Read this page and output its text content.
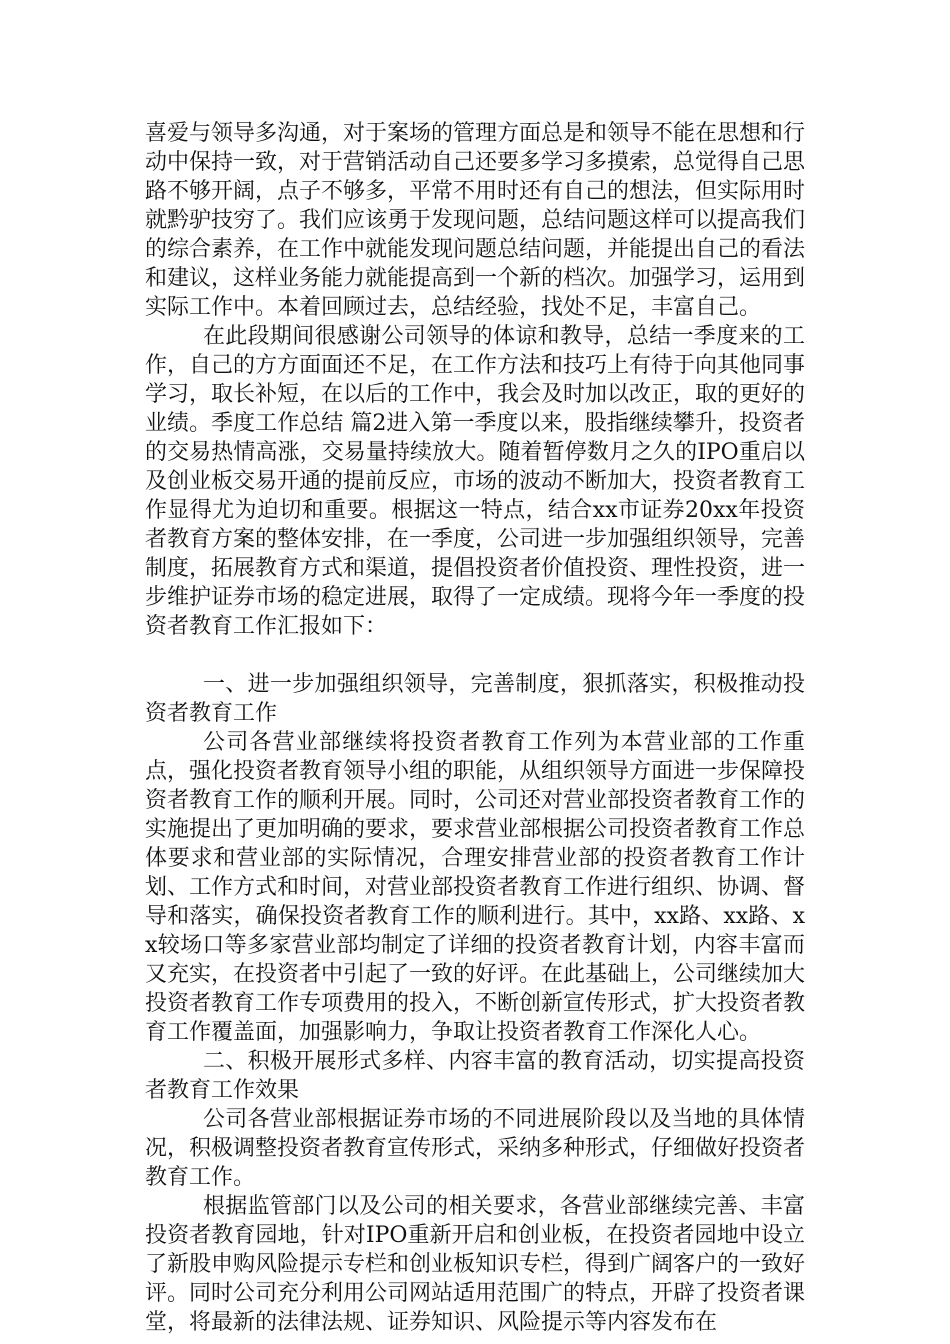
喜爱与领导多沟通，对于案场的管理方面总是和领导不能在思想和行动中保持一致，对于营销活动自己还要多学习多摸索，总觉得自己思路不够开阔，点子不够多，平常不用时还有自己的想法，但实际用时就黔驴技穷了。我们应该勇于发现问题，总结问题这样可以提高我们的综合素养，在工作中就能发现问题总结问题，并能提出自己的看法和建议，这样业务能力就能提高到一个新的档次。加强学习，运用到实际工作中。本着回顾过去，总结经验，找处不足，丰富自己。

在此段期间很感谢公司领导的体谅和教导，总结一季度来的工作，自己的方方面面还不足，在工作方法和技巧上有待于向其他同事学习，取长补短，在以后的工作中，我会及时加以改正，取的更好的业绩。季度工作总结 篇2进入第一季度以来，股指继续攀升，投资者的交易热情高涨，交易量持续放大。随着暂停数月之久的IPO重启以及创业板交易开通的提前反应，市场的波动不断加大，投资者教育工作显得尤为迫切和重要。根据这一特点，结合xx市证券20xx年投资者教育方案的整体安排，在一季度，公司进一步加强组织领导，完善制度，拓展教育方式和渠道，提倡投资者价值投资、理性投资，进一步维护证券市场的稳定进展，取得了一定成绩。现将今年一季度的投资者教育工作汇报如下：

一、进一步加强组织领导，完善制度，狠抓落实，积极推动投资者教育工作

公司各营业部继续将投资者教育工作列为本营业部的工作重点，强化投资者教育领导小组的职能，从组织领导方面进一步保障投资者教育工作的顺利开展。同时，公司还对营业部投资者教育工作的实施提出了更加明确的要求，要求营业部根据公司投资者教育工作总体要求和营业部的实际情况，合理安排营业部的投资者教育工作计划、工作方式和时间，对营业部投资者教育工作进行组织、协调、督导和落实，确保投资者教育工作的顺利进行。其中，xx路、xx路、xx较场口等多家营业部均制定了详细的投资者教育计划，内容丰富而又充实，在投资者中引起了一致的好评。在此基础上，公司继续加大投资者教育工作专项费用的投入，不断创新宣传形式，扩大投资者教育工作覆盖面，加强影响力，争取让投资者教育工作深化人心。

二、积极开展形式多样、内容丰富的教育活动，切实提高投资者教育工作效果

公司各营业部根据证券市场的不同进展阶段以及当地的具体情况，积极调整投资者教育宣传形式，采纳多种形式，仔细做好投资者教育工作。

根据监管部门以及公司的相关要求，各营业部继续完善、丰富投资者教育园地，针对IPO重新开启和创业板，在投资者园地中设立了新股申购风险提示专栏和创业板知识专栏，得到广阔客户的一致好评。同时公司充分利用公司网站适用范围广的特点，开辟了投资者课堂，将最新的法律法规、证券知识、风险提示等内容发布在
